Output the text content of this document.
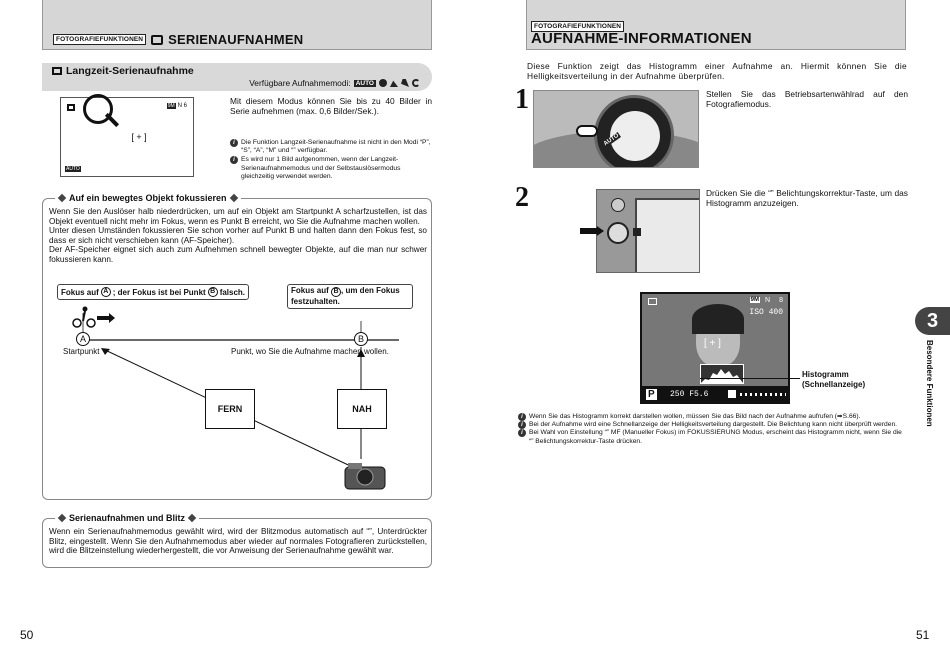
FOTOGRAFIEFUNKTIONEN SERIENAUFNAHMEN
Langzeit-Serienaufnahme
Verfügbare Aufnahmemodi: AUTO
9M N 6
[ + ]
AUTO
Mit diesem Modus können Sie bis zu 40 Bilder in Serie aufnehmen (max. 0,6 Bilder/Sek.).
i Die Funktion Langzeit-Serienaufnahme ist nicht in den Modi “P”, “S”, “A”, “M” und “” verfügbar.
i Es wird nur 1 Bild aufgenommen, wenn der Langzeit-Serienaufnahmemodus und der Selbstauslösermodus gleichzeitig verwendet werden.
Auf ein bewegtes Objekt fokussieren
Wenn Sie den Auslöser halb niederdrücken, um auf ein Objekt am Startpunkt A scharfzustellen, ist das Objekt eventuell nicht mehr im Fokus, wenn es Punkt B erreicht, wo Sie die Aufnahme machen wollen.
Unter diesen Umständen fokussieren Sie schon vorher auf Punkt B und halten dann den Fokus fest, so dass er sich nicht verschieben kann (AF-Speicher).
Der AF-Speicher eignet sich auch zum Aufnehmen schnell bewegter Objekte, auf die man nur schwer fokussieren kann.
Fokus auf A ; der Fokus ist bei Punkt B falsch.	Fokus auf B , um den Fokus festzuhalten.
A	B
Startpunkt	Punkt, wo Sie die Aufnahme machen wollen.
FERN	NAH
Serienaufnahmen und Blitz
Wenn ein Serienaufnahmemodus gewählt wird, wird der Blitzmodus automatisch auf “”, Unterdrückter Blitz, eingestellt. Wenn Sie den Aufnahmemodus aber wieder auf normales Fotografieren zurückstellen, wird die Blitzeinstellung wiederhergestellt, die vor Anweisung der Serienaufnahme gewählt war.
50
FOTOGRAFIEFUNKTIONEN
AUFNAHME-INFORMATIONEN
Diese Funktion zeigt das Histogramm einer Aufnahme an. Hiermit können Sie die Helligkeitsverteilung in der Aufnahme überprüfen.
1
AUTO
Stellen Sie das Betriebsartenwählrad auf den Fotografiemodus.
2	Drücken Sie die “” Belichtungskorrektur-Taste, um das Histogramm anzuzeigen.
9M N 8
ISO 400
[ + ]
P 250 F5.6
Histogramm (Schnellanzeige)
i Wenn Sie das Histogramm korrekt darstellen wollen, müssen Sie das Bild nach der Aufnahme aufrufen (➡S.66).
i Bei der Aufnahme wird eine Schnellanzeige der Helligkeitsverteilung dargestellt. Die Belichtung kann nicht überprüft werden.
i Bei Wahl von Einstellung “” MF (Manueller Fokus) im FOKUSSIERUNG Modus, erscheint das Histogramm nicht, wenn Sie die “” Belichtungskorrektur-Taste drücken.
3
Besondere Funktionen
51
